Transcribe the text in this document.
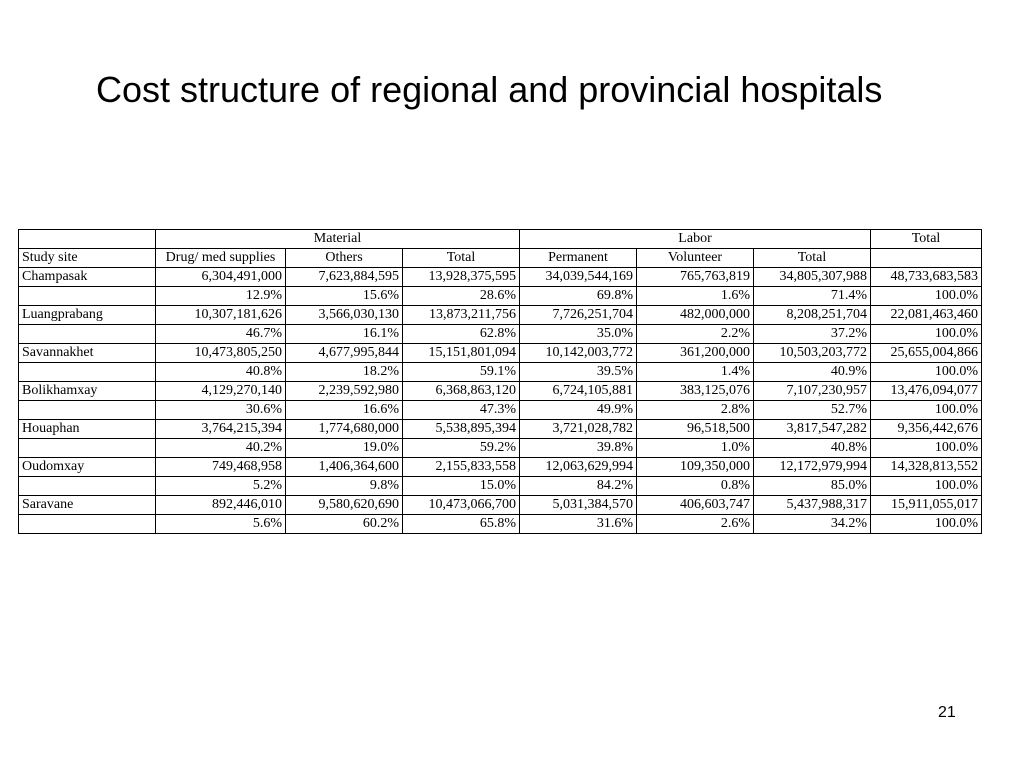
Cost structure of regional and provincial hospitals
	Material			Labor			Total
Study site	Drug/ med supplies	Others	Total	Permanent	Volunteer	Total	
Champasak	6,304,491,000	7,623,884,595	13,928,375,595	34,039,544,169	765,763,819	34,805,307,988	48,733,683,583
	12.9%	15.6%	28.6%	69.8%	1.6%	71.4%	100.0%
Luangprabang	10,307,181,626	3,566,030,130	13,873,211,756	7,726,251,704	482,000,000	8,208,251,704	22,081,463,460
	46.7%	16.1%	62.8%	35.0%	2.2%	37.2%	100.0%
Savannakhet	10,473,805,250	4,677,995,844	15,151,801,094	10,142,003,772	361,200,000	10,503,203,772	25,655,004,866
	40.8%	18.2%	59.1%	39.5%	1.4%	40.9%	100.0%
Bolikhamxay	4,129,270,140	2,239,592,980	6,368,863,120	6,724,105,881	383,125,076	7,107,230,957	13,476,094,077
	30.6%	16.6%	47.3%	49.9%	2.8%	52.7%	100.0%
Houaphan	3,764,215,394	1,774,680,000	5,538,895,394	3,721,028,782	96,518,500	3,817,547,282	9,356,442,676
	40.2%	19.0%	59.2%	39.8%	1.0%	40.8%	100.0%
Oudomxay	749,468,958	1,406,364,600	2,155,833,558	12,063,629,994	109,350,000	12,172,979,994	14,328,813,552
	5.2%	9.8%	15.0%	84.2%	0.8%	85.0%	100.0%
Saravane	892,446,010	9,580,620,690	10,473,066,700	5,031,384,570	406,603,747	5,437,988,317	15,911,055,017
	5.6%	60.2%	65.8%	31.6%	2.6%	34.2%	100.0%
21
